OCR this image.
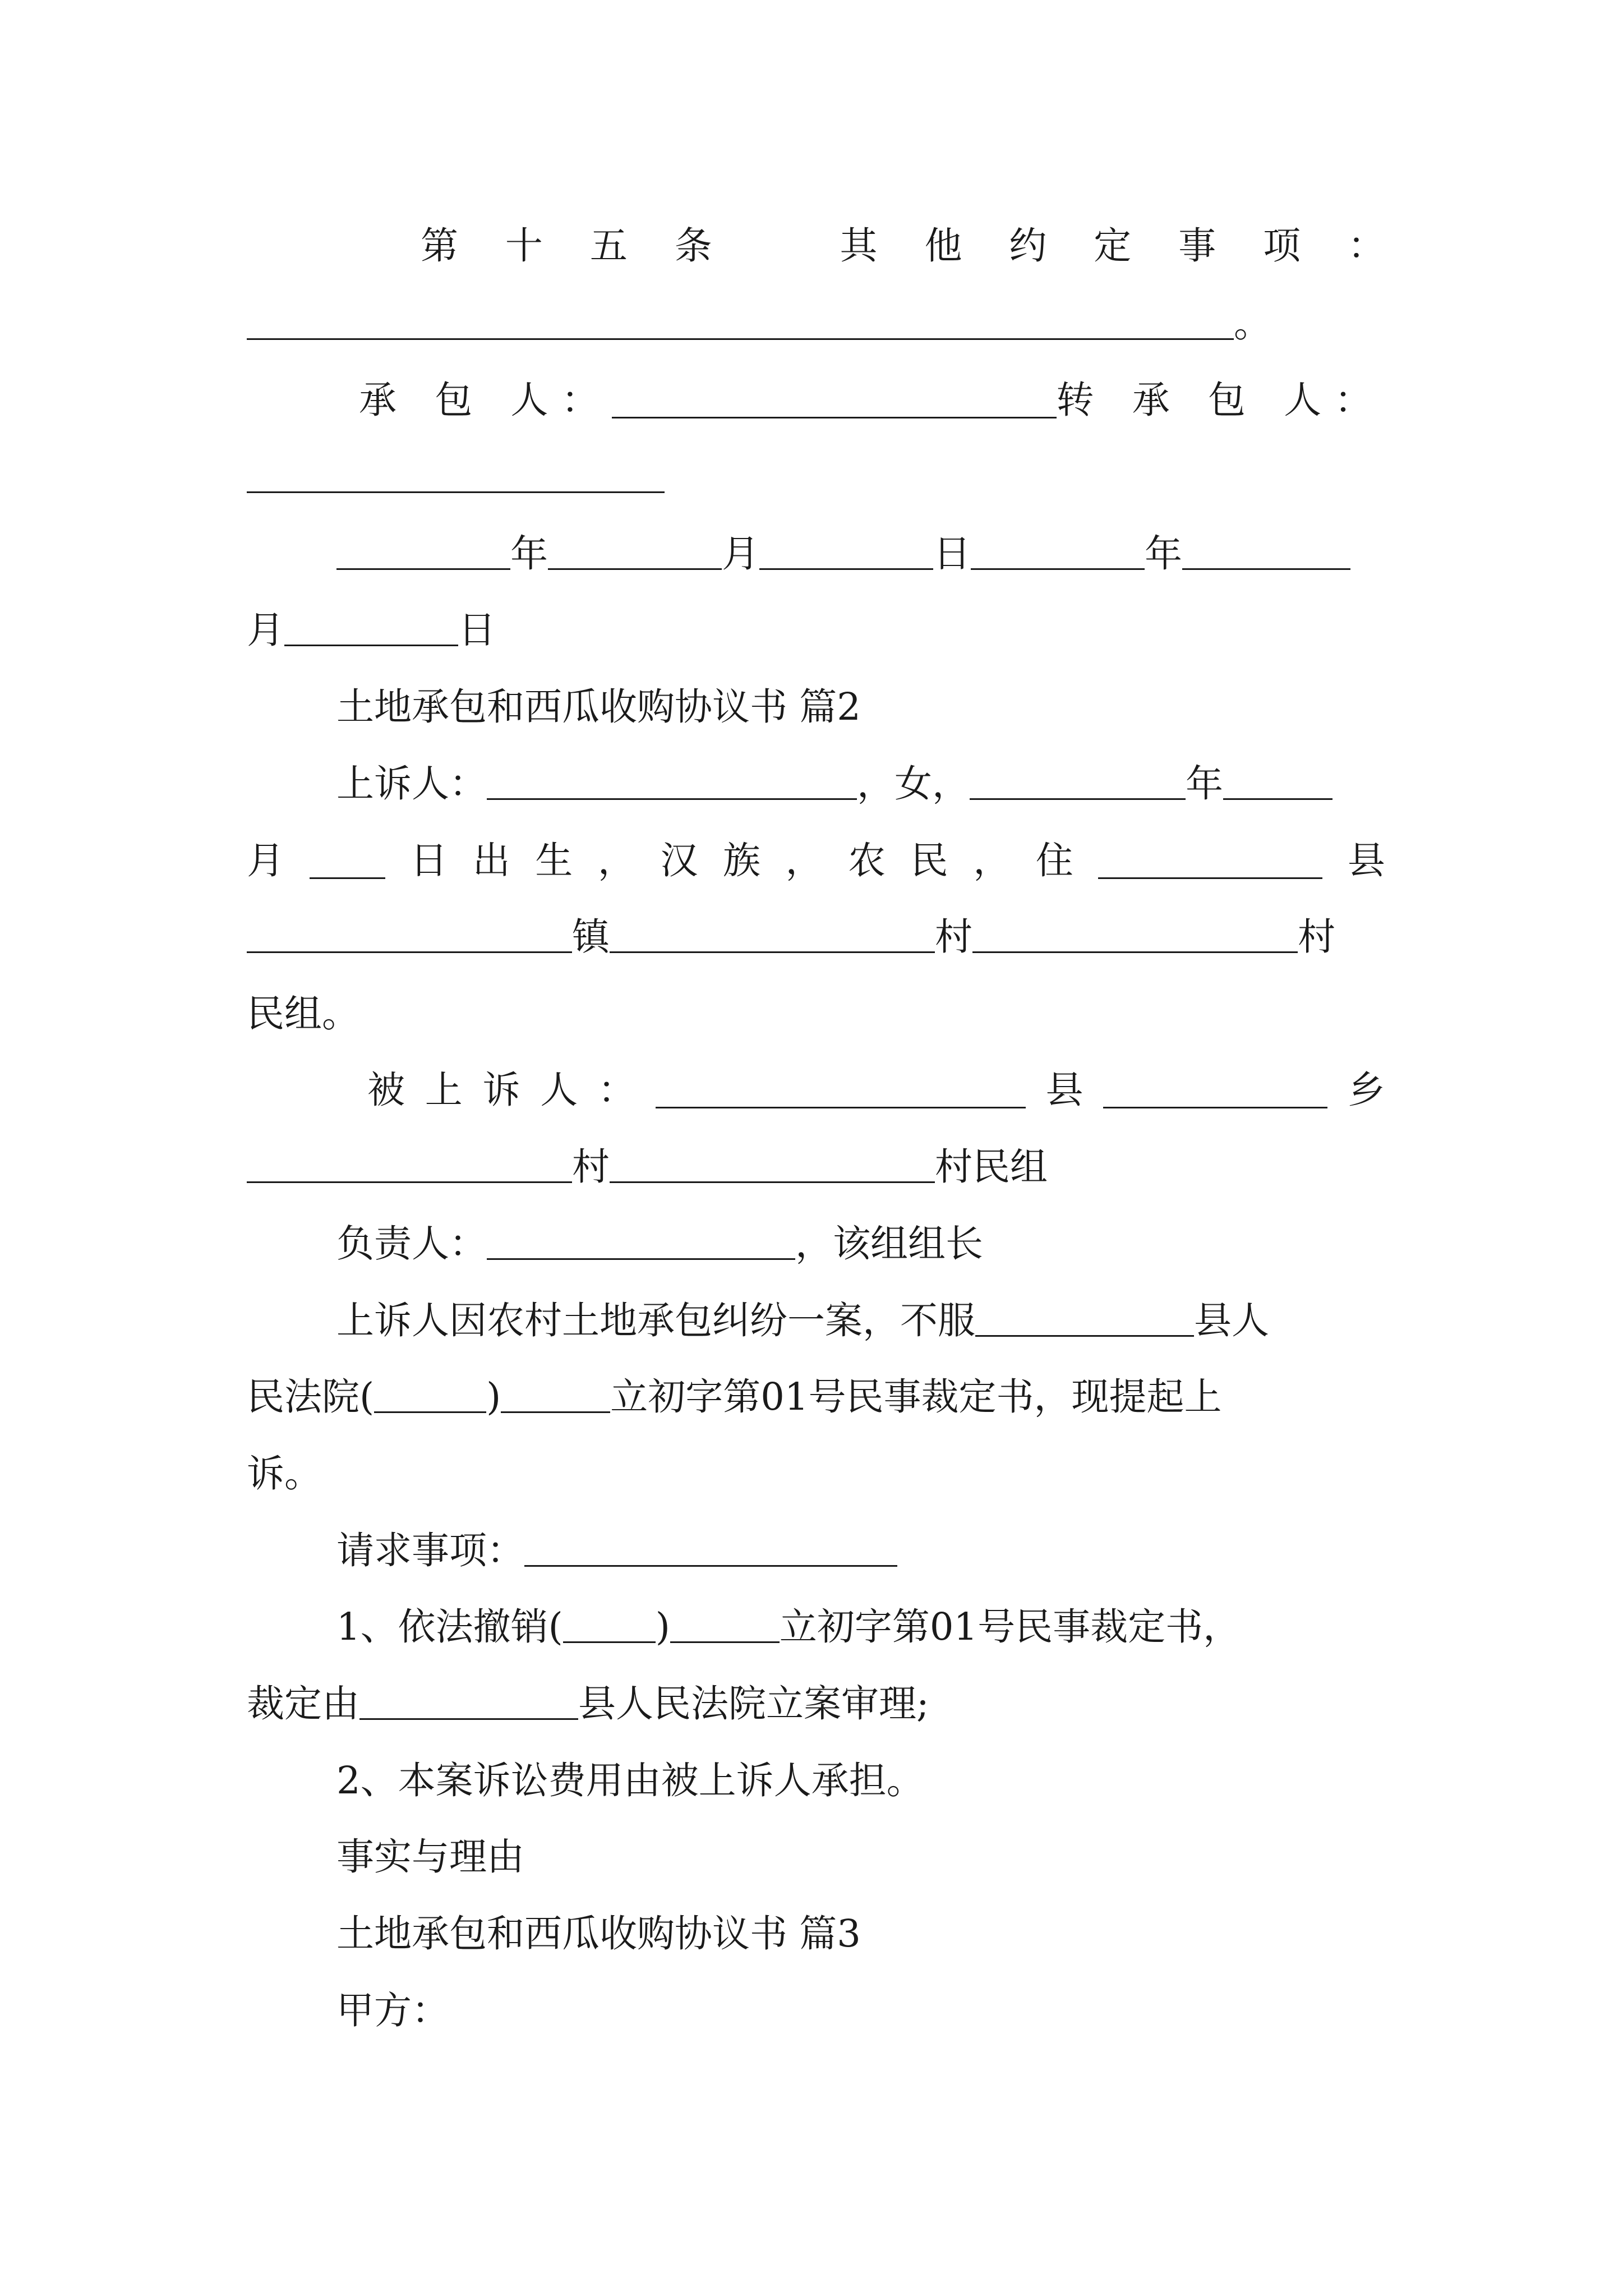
第 十 五 条	其 他 约 定 事 项 ：
。
承 包 人：	转 承 包 人：
年	月	日	年
月	日
土地承包和西瓜收购协议书 篇2
上诉人：	，女，	年
月	日 出 生 ， 汉 族 ， 农 民 ， 住	县
镇	村	村
民组。
被 上 诉 人 ：	县	乡
村	村民组
负责人：	，该组组长
上诉人因农村土地承包纠纷一案，不服	县人
民法院(	)	立初字第01号民事裁定书，现提起上
诉。
请求事项：
1、依法撤销( )	立初字第01号民事裁定书，
裁定由	县人民法院立案审理;
2、本案诉讼费用由被上诉人承担。
事实与理由
土地承包和西瓜收购协议书 篇3
甲方：
